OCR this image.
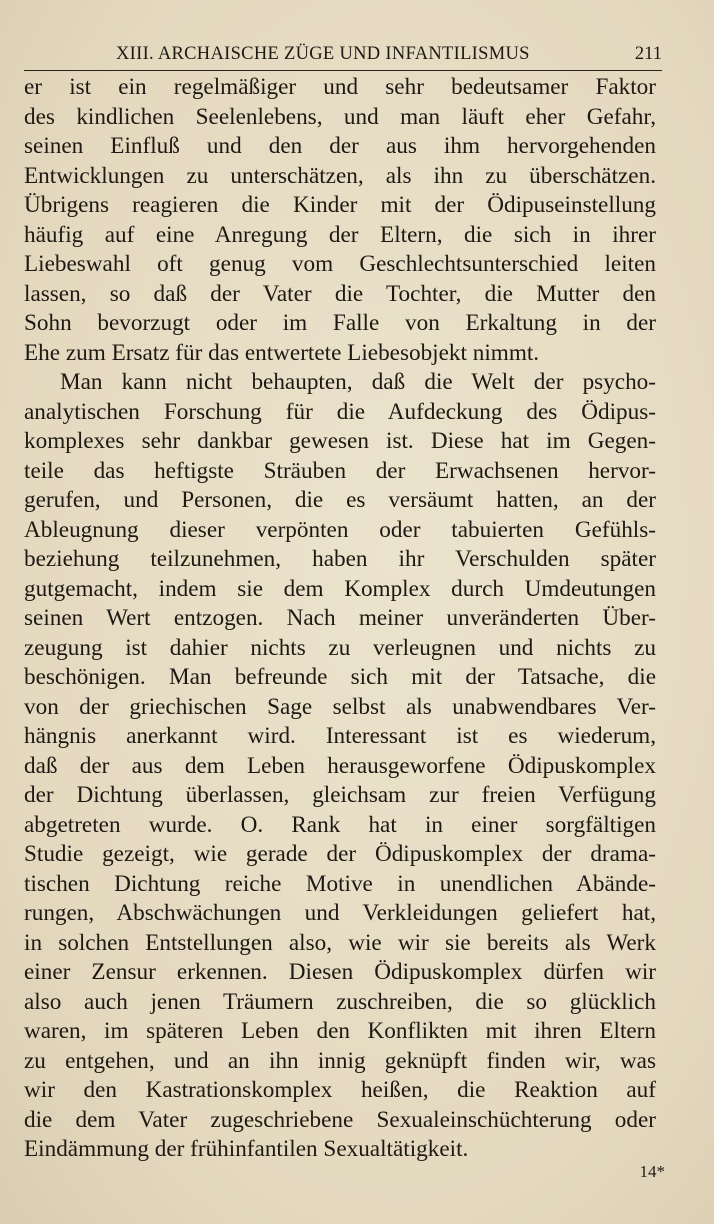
XIII. ARCHAISCHE ZÜGE UND INFANTILISMUS	211
er ist ein regelmäßiger und sehr bedeutsamer Faktor
des kindlichen Seelenlebens, und man läuft eher Gefahr,
seinen Einfluß und den der aus ihm hervorgehenden
Entwicklungen zu unterschätzen, als ihn zu überschätzen.
Übrigens reagieren die Kinder mit der Ödipuseinstellung
häufig auf eine Anregung der Eltern, die sich in ihrer
Liebeswahl oft genug vom Geschlechtsunterschied leiten
lassen, so daß der Vater die Tochter, die Mutter den
Sohn bevorzugt oder im Falle von Erkaltung in der
Ehe zum Ersatz für das entwertete Liebesobjekt nimmt.
Man kann nicht behaupten, daß die Welt der psycho-
analytischen Forschung für die Aufdeckung des Ödipus-
komplexes sehr dankbar gewesen ist. Diese hat im Gegen-
teile das heftigste Sträuben der Erwachsenen hervor-
gerufen, und Personen, die es versäumt hatten, an der
Ableugnung dieser verpönten oder tabuierten Gefühls-
beziehung teilzunehmen, haben ihr Verschulden später
gutgemacht, indem sie dem Komplex durch Umdeutungen
seinen Wert entzogen. Nach meiner unveränderten Über-
zeugung ist dahier nichts zu verleugnen und nichts zu
beschönigen. Man befreunde sich mit der Tatsache, die
von der griechischen Sage selbst als unabwendbares Ver-
hängnis anerkannt wird. Interessant ist es wiederum,
daß der aus dem Leben herausgeworfene Ödipuskomplex
der Dichtung überlassen, gleichsam zur freien Verfügung
abgetreten wurde. O. Rank hat in einer sorgfältigen
Studie gezeigt, wie gerade der Ödipuskomplex der drama-
tischen Dichtung reiche Motive in unendlichen Abände-
rungen, Abschwächungen und Verkleidungen geliefert hat,
in solchen Entstellungen also, wie wir sie bereits als Werk
einer Zensur erkennen. Diesen Ödipuskomplex dürfen wir
also auch jenen Träumern zuschreiben, die so glücklich
waren, im späteren Leben den Konflikten mit ihren Eltern
zu entgehen, und an ihn innig geknüpft finden wir, was
wir den Kastrationskomplex heißen, die Reaktion auf
die dem Vater zugeschriebene Sexualeinschüchterung oder
Eindämmung der frühinfantilen Sexualtätigkeit.
14*
